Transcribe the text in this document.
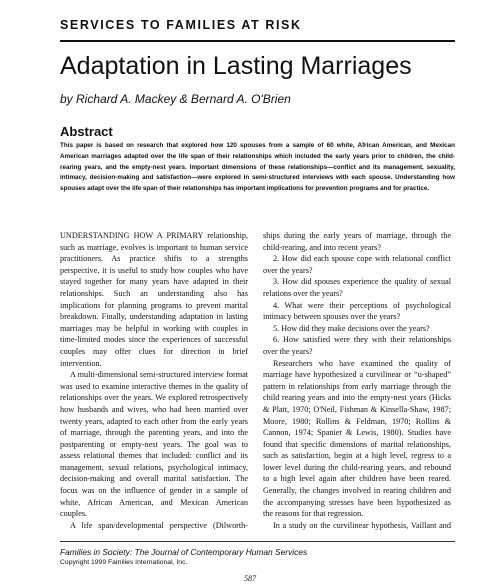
SERVICES TO FAMILIES AT RISK
Adaptation in Lasting Marriages
by Richard A. Mackey & Bernard A. O'Brien
Abstract
This paper is based on research that explored how 120 spouses from a sample of 60 white, African American, and Mexican American marriages adapted over the life span of their relationships which included the early years prior to children, the child-rearing years, and the empty-nest years. Important dimensions of these relationships—conflict and its management, sexuality, intimacy, decision-making and satisfaction—were explored in semi-structured interviews with each spouse. Understanding how spouses adapt over the life span of their relationships has important implications for prevention programs and for practice.

UNDERSTANDING HOW A PRIMARY relationship, such as marriage, evolves is important to human service practitioners. As practice shifts to a strengths perspective, it is useful to study how couples who have stayed together for many years have adapted in their relationships. Such an understanding also has implications for planning programs to prevent marital breakdown. Finally, understanding adaptation in lasting marriages may be helpful in working with couples in time-limited modes since the experiences of successful couples may offer clues for direction in brief intervention.

A multi-dimensional semi-structured interview format was used to examine interactive themes in the quality of relationships over the years. We explored retrospectively how husbands and wives, who had been married over twenty years, adapted to each other from the early years of marriage, through the parenting years, and into the postparenting or empty-nest years. The goal was to assess relational themes that included: conflict and its management, sexual relations, psychological intimacy, decision-making and overall marital satisfaction. The focus was on the influence of gender in a sample of white, African American, and Mexican American couples.

A life span/developmental perspective (Dilworth-

ships during the early years of marriage, through the child-rearing, and into recent years?

2. How did each spouse cope with relational conflict over the years?

3. How did spouses experience the quality of sexual relations over the years?

4. What were their perceptions of psychological intimacy between spouses over the years?

5. How did they make decisions over the years?

6. How satisfied were they with their relationships over the years?

Researchers who have examined the quality of marriage have hypothesized a curvilinear or “u-shaped” pattern in relationships from early marriage through the child rearing years and into the empty-nest years (Hicks & Platt, 1970; O'Neil, Fishman & Kinsella-Shaw, 1987; Moore, 1980; Rollins & Feldman, 1970; Rollins & Cannon, 1974; Spanier & Lewis, 1980). Studies have found that specific dimensions of marital relationships, such as satisfaction, begin at a high level, regress to a lower level during the child-rearing years, and rebound to a high level again after children have been reared. Generally, the changes involved in rearing children and the accompanying stresses have been hypothesized as the reasons for that regression.

In a study on the curvilinear hypothesis, Vaillant and

Families in Society: The Journal of Contemporary Human Services
Copyright 1999 Families International, Inc.
587
